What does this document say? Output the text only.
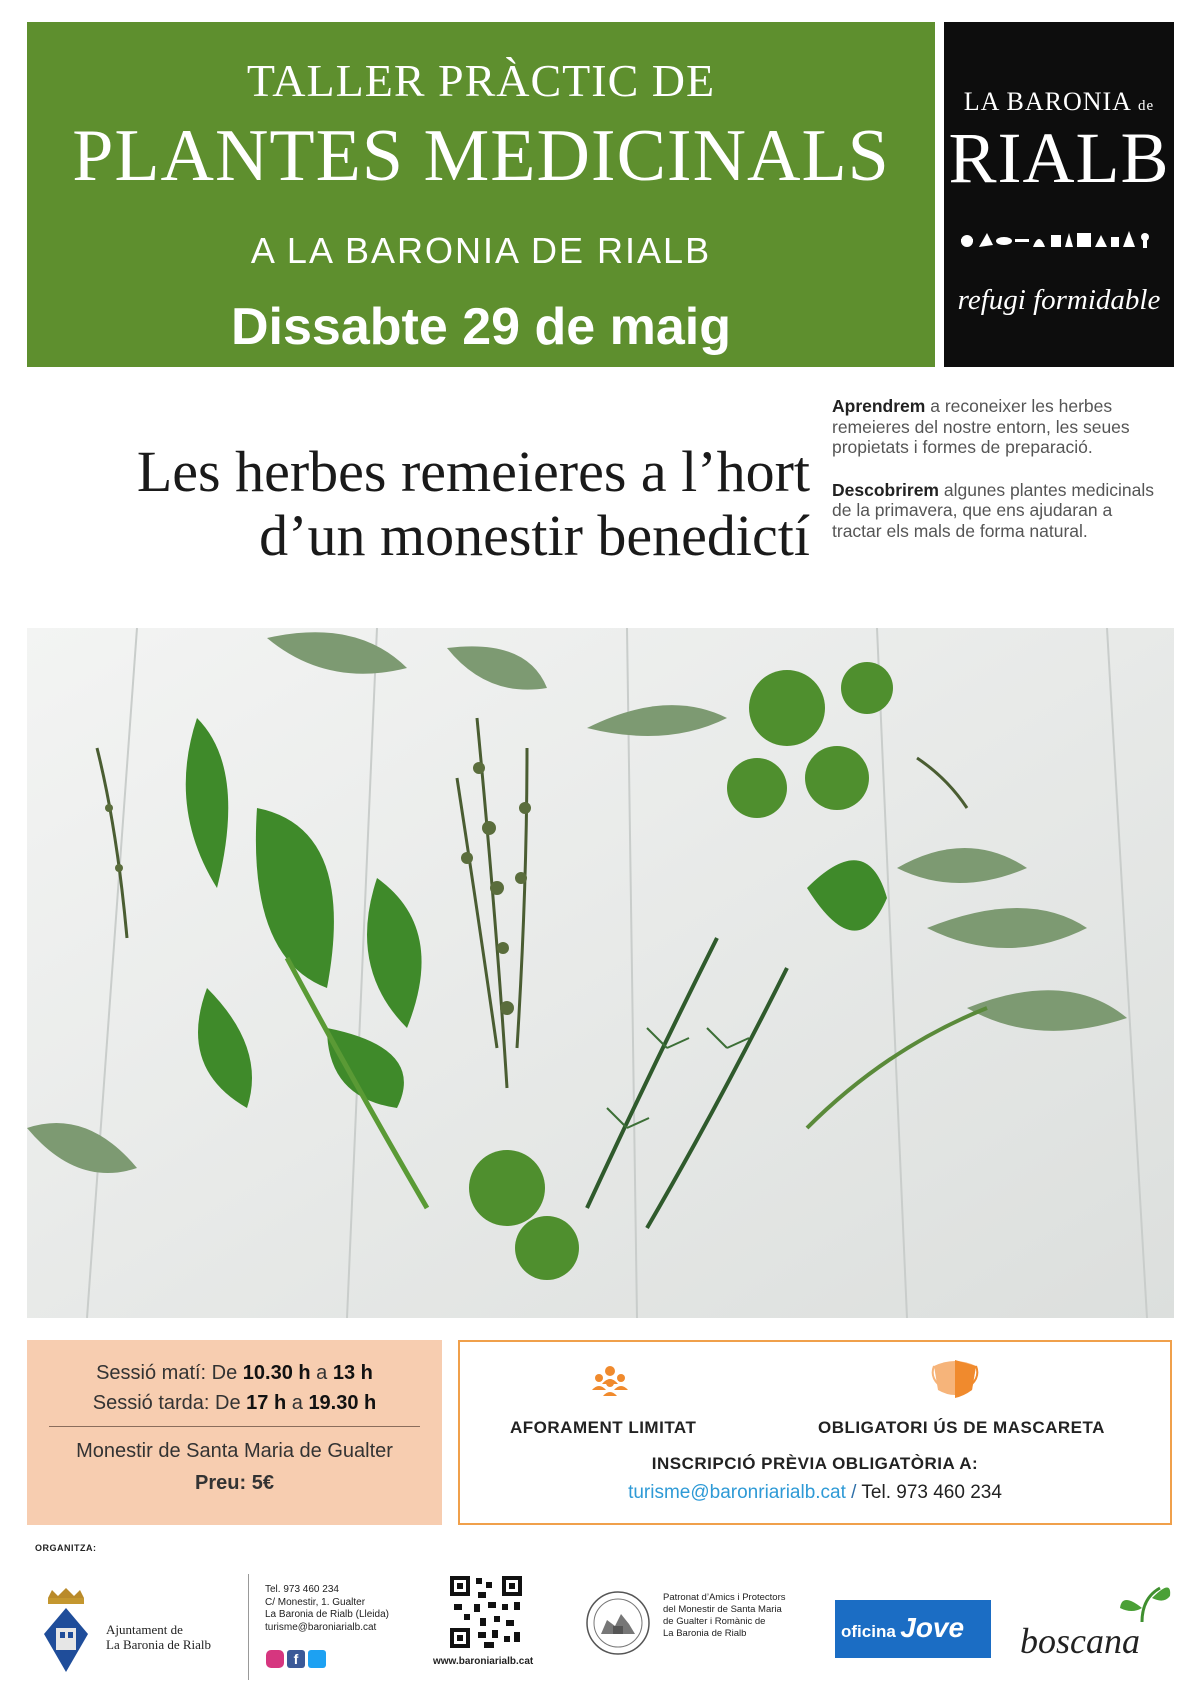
TALLER PRÀCTIC DE
PLANTES MEDICINALS
A LA BARONIA DE RIALB
Dissabte 29 de maig
LA BARONIA de
RIALB
refugi formidable
Les herbes remeieres a l’hort
d’un monestir benedictí

Aprendrem a reconeixer les herbes remeieres del nostre entorn, les seues propietats i formes de preparació.

Descobrirem algunes plantes medicinals de la primavera, que ens ajudaran a tractar els mals de forma natural.

Sessió matí: De 10.30 h a 13 h
Sessió tarda: De 17 h a 19.30 h
Monestir de Santa Maria de Gualter
Preu: 5€
AFORAMENT LIMITAT	OBLIGATORI ÚS DE MASCARETA
INSCRIPCIÓ PRÈVIA OBLIGATÒRIA A:
turisme@baronriarialb.cat / Tel. 973 460 234
ORGANITZA:
Ajuntament de
La Baronia de Rialb
Tel. 973 460 234
C/ Monestir, 1. Gualter
La Baronia de Rialb (Lleida)
turisme@baroniarialb.cat
f	www.baroniarialb.cat
Patronat d’Amics i Protectors
del Monestir de Santa Maria
de Gualter i Romànic de
La Baronia de Rialb	oficina Jove	boscana
